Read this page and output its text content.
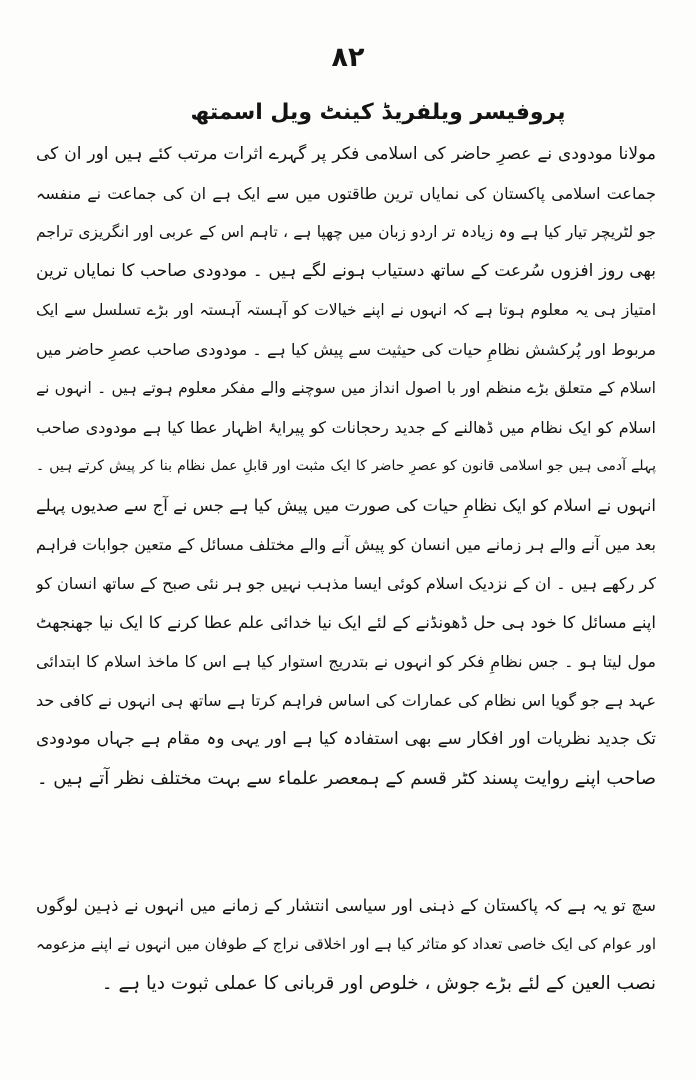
۸۲
پروفیسر ویلفریڈ کینٹ ویل اسمتھ
مولانا مودودی نے عصرِ حاضر کی اسلامی فکر پر گہرے اثرات مرتب کئے ہیں اور ان کی
جماعت اسلامی پاکستان کی نمایاں ترین طاقتوں میں سے ایک ہے ان کی جماعت نے منفسہ
جو لٹریچر تیار کیا ہے وہ زیادہ تر اردو زبان میں چھپا ہے ، تاہم اس کے عربی اور انگریزی تراجم
بھی روز افزوں سُرعت کے ساتھ دستیاب ہونے لگے ہیں ۔ مودودی صاحب کا نمایاں ترین
امتیاز ہی یہ معلوم ہوتا ہے کہ انہوں نے اپنے خیالات کو آہستہ آہستہ اور بڑے تسلسل سے ایک
مربوط اور پُرکشش نظامِ حیات کی حیثیت سے پیش کیا ہے ۔ مودودی صاحب عصرِ حاضر میں
اسلام کے متعلق بڑے منظم اور با اصول انداز میں سوچنے والے مفکر معلوم ہوتے ہیں ۔ انہوں نے
اسلام کو ایک نظام میں ڈھالنے کے جدید رحجانات کو پیرایۂ اظہار عطا کیا ہے مودودی صاحب
پہلے آدمی ہیں جو اسلامی قانون کو عصرِ حاضر کا ایک مثبت اور قابلِ عمل نظام بنا کر پیش کرتے ہیں ۔
انہوں نے اسلام کو ایک نظامِ حیات کی صورت میں پیش کیا ہے جس نے آج سے صدیوں پہلے
بعد میں آنے والے ہر زمانے میں انسان کو پیش آنے والے مختلف مسائل کے متعین جوابات فراہم
کر رکھے ہیں ۔ ان کے نزدیک اسلام کوئی ایسا مذہب نہیں جو ہر نئی صبح کے ساتھ انسان کو
اپنے مسائل کا خود ہی حل ڈھونڈنے کے لئے ایک نیا خدائی علم عطا کرنے کا ایک نیا جھنجھٹ
مول لیتا ہو ۔ جس نظامِ فکر کو انہوں نے بتدریج استوار کیا ہے اس کا ماخذ اسلام کا ابتدائی
عہد ہے جو گویا اس نظام کی عمارات کی اساس فراہم کرتا ہے ساتھ ہی انہوں نے کافی حد
تک جدید نظریات اور افکار سے بھی استفادہ کیا ہے اور یہی وہ مقام ہے جہاں مودودی
صاحب اپنے روایت پسند کٹر قسم کے ہمعصر علماء سے بہت مختلف نظر آتے ہیں ۔
سچ تو یہ ہے کہ پاکستان کے ذہنی اور سیاسی انتشار کے زمانے میں انہوں نے ذہین لوگوں
اور عوام کی ایک خاصی تعداد کو متاثر کیا ہے اور اخلاقی نراج کے طوفان میں انہوں نے اپنے مزعومہ
نصب العین کے لئے بڑے جوش ، خلوص اور قربانی کا عملی ثبوت دیا ہے ۔
